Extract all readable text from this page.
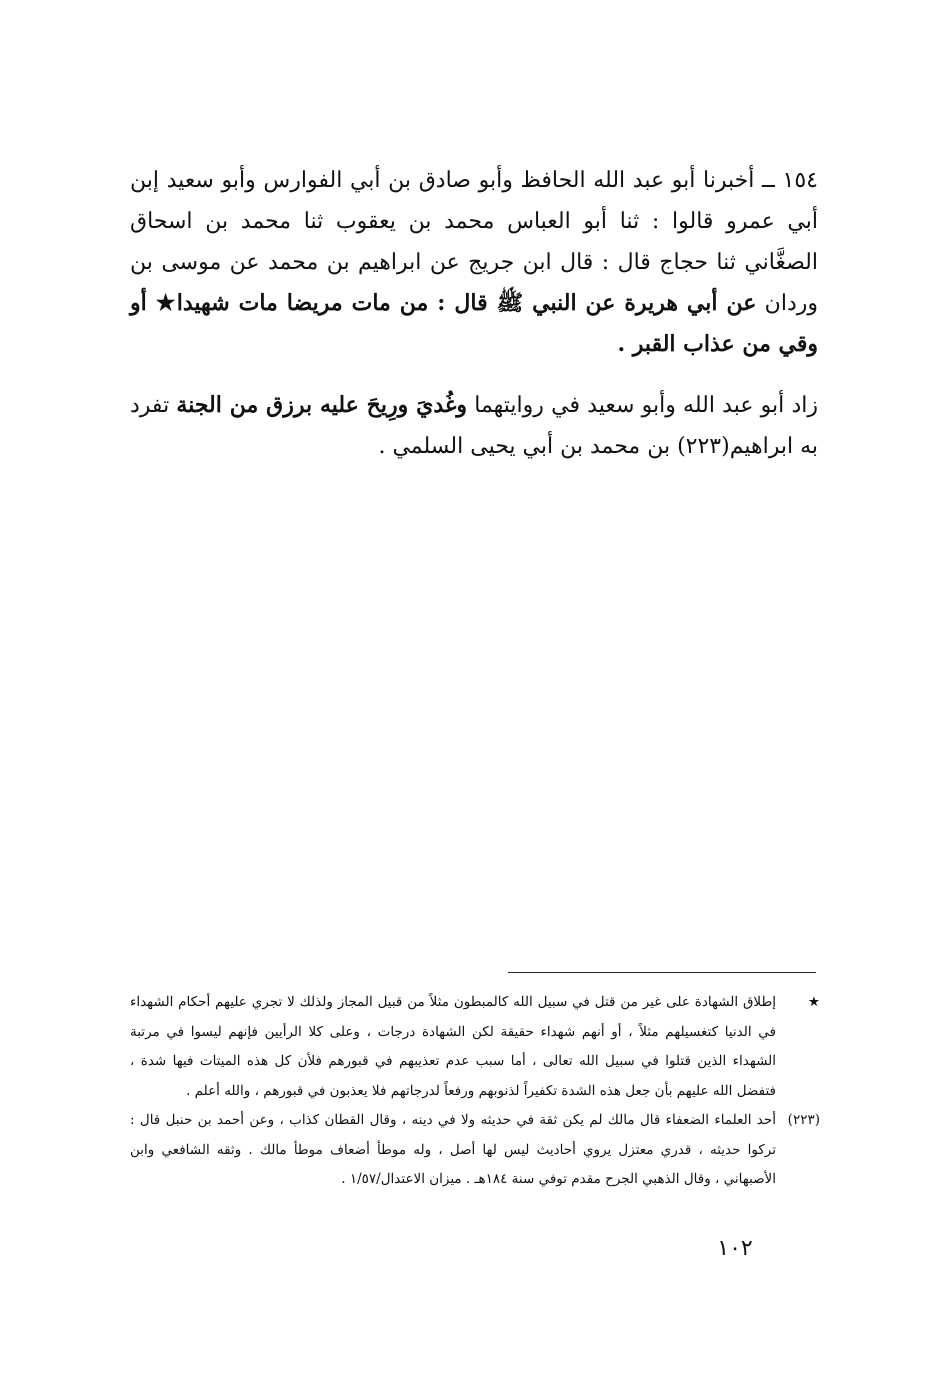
١٥٤ ــ أخبرنا أبو عبد الله الحافظ وأبو صادق بن أبي الفوارس وأبو سعيد إبن أبي عمرو قالوا : ثنا أبو العباس محمد بن يعقوب ثنا محمد بن اسحاق الصغَّاني ثنا حجاج قال : قال ابن جريج عن ابراهيم بن محمد عن موسى بن وردان عن أبي هريرة عن النبي ﷺ قال : من مات مريضا مات شهيدا★ أو وقي من عذاب القبر .

زاد أبو عبد الله وأبو سعيد في روايتهما وغُديَ ورِيحَ عليه برزق من الجنة تفرد به ابراهيم(٢٢٣) بن محمد بن أبي يحيى السلمي .

★
إطلاق الشهادة على غير من قتل في سبيل الله كالمبطون مثلاً من قبيل المجاز ولذلك لا تجري عليهم أحكام الشهداء في الدنيا كتغسيلهم مثلاً ، أو أنهم شهداء حقيقة لكن الشهادة درجات ، وعلى كلا الرأيين فإنهم ليسوا في مرتبة الشهداء الذين قتلوا في سبيل الله تعالى ، أما سبب عدم تعذيبهم في قبورهم فلأن كل هذه الميتات فيها شدة ، فتفضل الله عليهم بأن جعل هذه الشدة تكفيراً لذنوبهم ورفعاً لدرجاتهم فلا يعذبون في قبورهم ، والله أعلم .
(٢٢٣)
أحد العلماء الضعفاء قال مالك لم يكن ثقة في حديثه ولا في دينه ، وقال القطان كذاب ، وعن أحمد بن حنبل قال : تركوا حديثه ، قدري معتزل يروي أحاديث ليس لها أصل ، وله موطأ أضعاف موطأ مالك . وثقه الشافعي وابن الأصبهاني ، وقال الذهبي الجرح مقدم توفي سنة ١٨٤هـ . ميزان الاعتدال/١/٥٧ .
١٠٢
